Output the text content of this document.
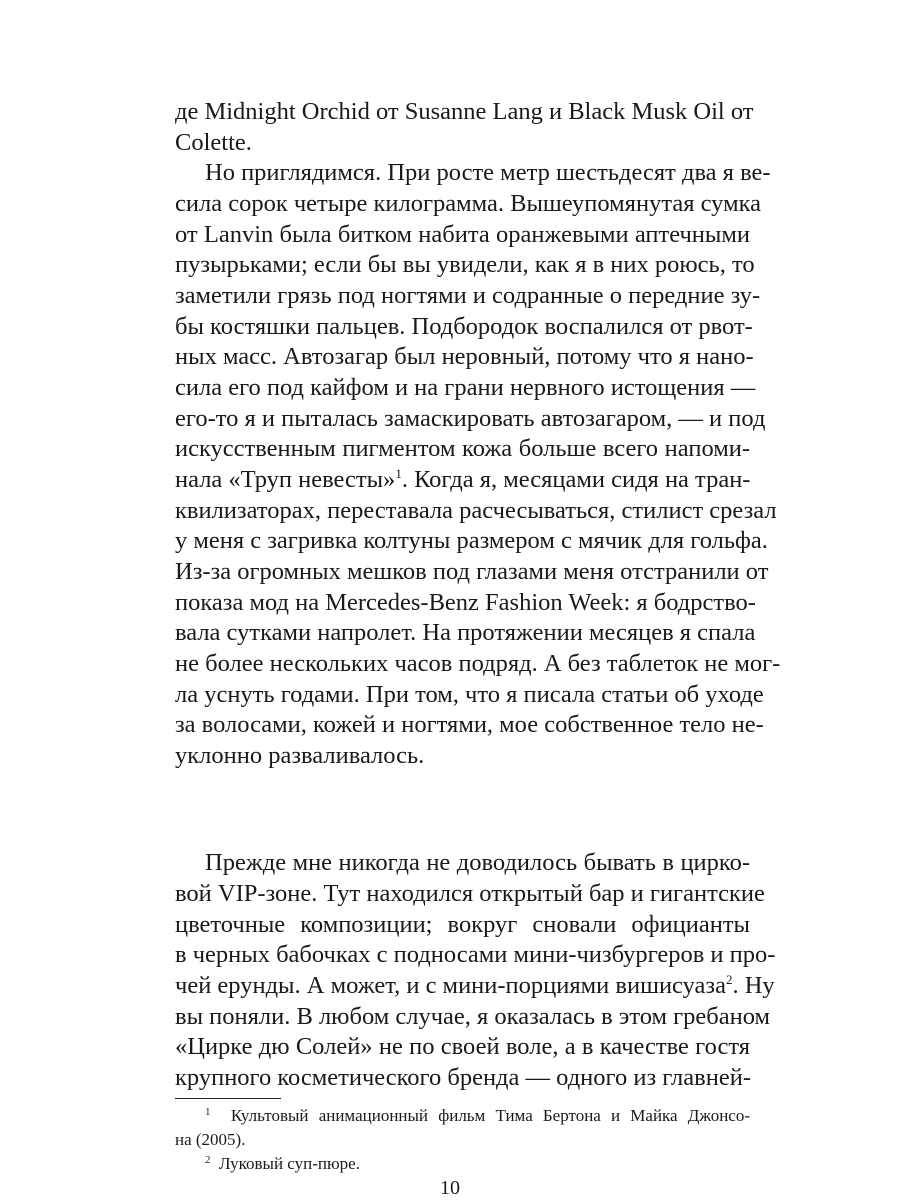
де Midnight Orchid от Susanne Lang и Black Musk Oil от
Colette.
Но приглядимся. При росте метр шестьдесят два я ве-
сила сорок четыре килограмма. Вышеупомянутая сумка
от Lanvin была битком набита оранжевыми аптечными
пузырьками; если бы вы увидели, как я в них роюсь, то
заметили грязь под ногтями и содранные о передние зу-
бы костяшки пальцев. Подбородок воспалился от рвот-
ных масс. Автозагар был неровный, потому что я нано-
сила его под кайфом и на грани нервного истощения —
его-то я и пыталась замаскировать автозагаром, — и под
искусственным пигментом кожа больше всего напоми-
нала «Труп невесты»$^1$. Когда я, месяцами сидя на тран-
квилизаторах, переставала расчесываться, стилист срезал
у меня с загривка колтуны размером с мячик для гольфа.
Из-за огромных мешков под глазами меня отстранили от
показа мод на Mercedes-Benz Fashion Week: я бодрство-
вала сутками напролет. На протяжении месяцев я спала
не более нескольких часов подряд. А без таблеток не мог-
ла уснуть годами. При том, что я писала статьи об уходе
за волосами, кожей и ногтями, мое собственное тело не-
уклонно разваливалось.
Прежде мне никогда не доводилось бывать в цирко-
вой VIP-зоне. Тут находился открытый бар и гигантские
цветочные композиции; вокруг сновали официанты
в черных бабочках с подносами мини-чизбургеров и про-
чей ерунды. А может, и с мини-порциями вишисуаза$^2$. Ну
вы поняли. В любом случае, я оказалась в этом гребаном
«Цирке дю Солей» не по своей воле, а в качестве гостя
крупного косметического бренда — одного из главней-
$^1$ Культовый анимационный фильм Тима Бертона и Майка Джонсо-
на (2005).
$^2$ Луковый суп-пюре.
10
